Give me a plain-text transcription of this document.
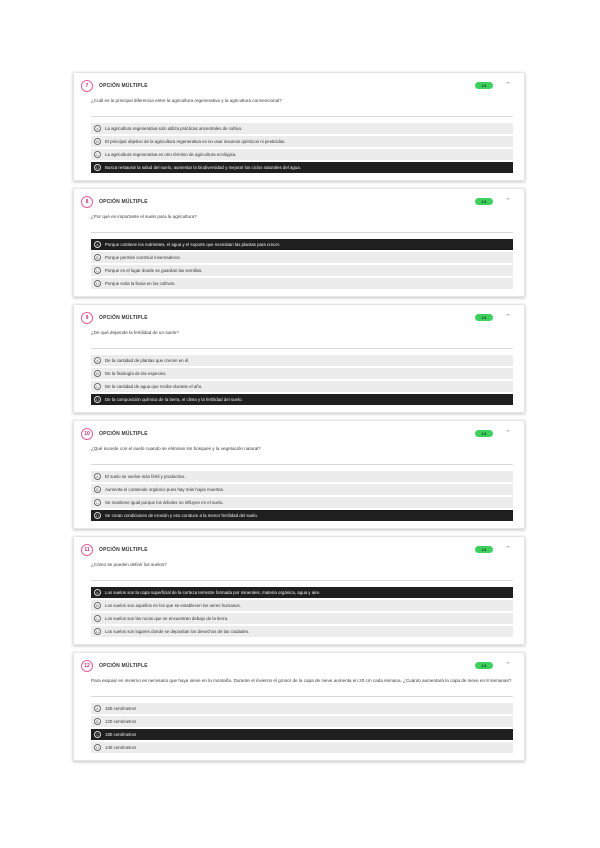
7	OPCIÓN MÚLTIPLE	1/1	⌃
¿Cuál es la principal diferencia entre la agricultura regenerativa y la agricultura convencional?
A	La agricultura regenerativa solo utiliza prácticas ancestrales de cultivo.
B	El principal objetivo de la agricultura regenerativa es no usar insumos químicos ni pesticidas.
C	La agricultura regenerativa es otro término de agricultura ecológica.
D	Busca restaurar la salud del suelo, aumentar la biodiversidad y mejorar los ciclos naturales del agua.
8	OPCIÓN MÚLTIPLE	1/1	⌃
¿Por qué es importante el suelo para la agricultura?
A	Porque contiene los nutrientes, el agua y el soporte que necesitan las plantas para crecer.
B	Porque permite construir invernaderos.
C	Porque es el lugar donde se guardan las semillas.
D	Porque evita la lluvia en los cultivos.
9	OPCIÓN MÚLTIPLE	1/1	⌃
¿De qué depende la fertilidad de un suelo?
A	De la cantidad de plantas que crecen en él.
B	De la fisiología de las especies.
C	De la cantidad de agua que recibe durante el año.
D	De la composición química de la tierra, el clima y la fertilidad del suelo.
10	OPCIÓN MÚLTIPLE	1/1	⌃
¿Qué sucede con el suelo cuando se eliminan los bosques y la vegetación natural?
A	El suelo se vuelve más fértil y productivo.
B	Aumenta el contenido orgánico pues hay más hojas muertas.
C	Se mantiene igual porque los árboles no influyen en el suelo.
D	Se crean condiciones de erosión y eso conduce a la menor fertilidad del suelo.
11	OPCIÓN MÚLTIPLE	1/1	⌃
¿Cómo se pueden definir los suelos?
A	Los suelos son la capa superficial de la corteza terrestre formada por minerales, materia orgánica, agua y aire.
B	Los suelos son aquellos en los que se establecen los seres humanos.
C	Los suelos son las rocas que se encuentran debajo de la tierra.
D	Los suelos son lugares donde se depositan los desechos de las ciudades.
12	OPCIÓN MÚLTIPLE	1/1	⌃
Para esquiar en invierno es necesario que haya nieve en la montaña. Durante el invierno el grosor de la capa de nieve aumenta en 20 cm cada semana. ¿Cuánto aumentará la capa de nieve en 8 semanas?
A	160 centímetros
B	120 centímetros
C	180 centímetros
D	140 centímetros
